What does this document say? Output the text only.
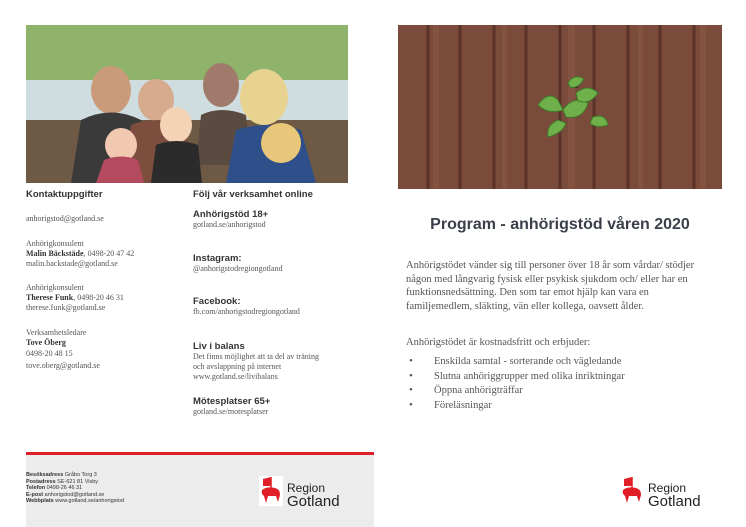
Kontaktuppgifter
anhorigstod@gotland.se
Anhörigkonsulent
Malin Bäckstäde, 0498-20 47 42
malin.backstade@gotland.se
Anhörigkonsulent
Therese Funk, 0498-20 46 31
therese.funk@gotland.se
Verksamhetsledare
Tove Öberg
0498-20 48 15
tove.oberg@gotland.se
Följ vår verksamhet online
Anhörigstöd 18+
gotland.se/anhorigstod
Instagram:
@anhorigstodregiongotland
Facebook:
fb.com/anhorigstodregiongotland
Liv i balans
Det finns möjlighet att ta del av träning
och avslappning på internet
www.gotland.se/livibalans
Mötesplatser 65+
gotland.se/motesplatser
Besöksadress Gråbo Torg 3
Postadress SE-621 81 Visby
Telefon 0498-26 46 31
E-post anhorigstod@gotland.se
Webbplats www.gotland.se/anhorigstod
Region
Gotland
Program - anhörigstöd våren 2020
Anhörigstödet vänder sig till personer över 18 år som vårdar/ stödjer någon med långvarig fysisk eller psykisk sjukdom och/ eller har en funktionsnedsättning. Den som tar emot hjälp kan vara en familjemedlem, släkting, vän eller kollega, oavsett ålder.
Anhörigstödet är kostnadsfritt och erbjuder:
• Enskilda samtal - sorterande och vägledande
• Slutna anhöriggrupper med olika inriktningar
• Öppna anhörigträffar
• Föreläsningar
Region
Gotland
